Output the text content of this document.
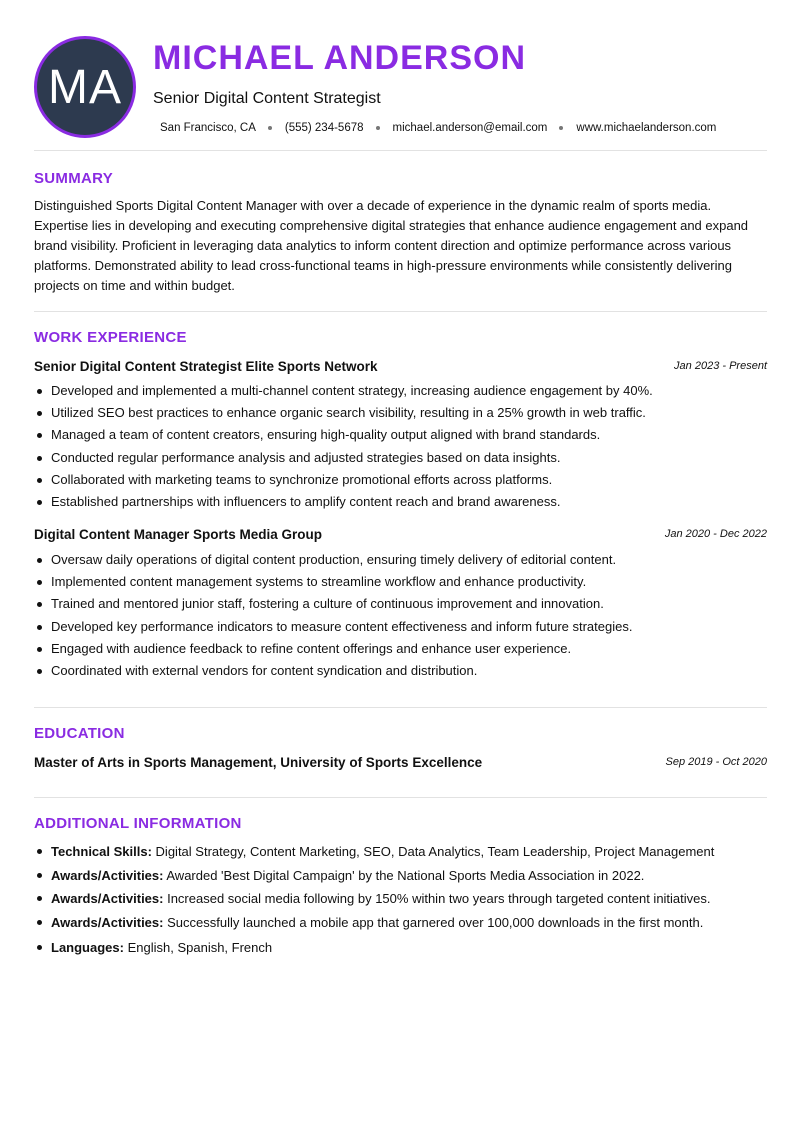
MA
MICHAEL ANDERSON
Senior Digital Content Strategist
San Francisco, CA	(555) 234-5678	michael.anderson@email.com	www.michaelanderson.com
SUMMARY

Distinguished Sports Digital Content Manager with over a decade of experience in the dynamic realm of sports media. Expertise lies in developing and executing comprehensive digital strategies that enhance audience engagement and expand brand visibility. Proficient in leveraging data analytics to inform content direction and optimize performance across various platforms. Demonstrated ability to lead cross-functional teams in high-pressure environments while consistently delivering projects on time and within budget.

WORK EXPERIENCE
Senior Digital Content Strategist Elite Sports Network	Jan 2023 - Present
Developed and implemented a multi-channel content strategy, increasing audience engagement by 40%.
Utilized SEO best practices to enhance organic search visibility, resulting in a 25% growth in web traffic.
Managed a team of content creators, ensuring high-quality output aligned with brand standards.
Conducted regular performance analysis and adjusted strategies based on data insights.
Collaborated with marketing teams to synchronize promotional efforts across platforms.
Established partnerships with influencers to amplify content reach and brand awareness.
Digital Content Manager Sports Media Group	Jan 2020 - Dec 2022
Oversaw daily operations of digital content production, ensuring timely delivery of editorial content.
Implemented content management systems to streamline workflow and enhance productivity.
Trained and mentored junior staff, fostering a culture of continuous improvement and innovation.
Developed key performance indicators to measure content effectiveness and inform future strategies.
Engaged with audience feedback to refine content offerings and enhance user experience.
Coordinated with external vendors for content syndication and distribution.
EDUCATION
Master of Arts in Sports Management, University of Sports Excellence	Sep 2019 - Oct 2020
ADDITIONAL INFORMATION
Technical Skills: Digital Strategy, Content Marketing, SEO, Data Analytics, Team Leadership, Project Management
Awards/Activities: Awarded 'Best Digital Campaign' by the National Sports Media Association in 2022.
Awards/Activities: Increased social media following by 150% within two years through targeted content initiatives.
Awards/Activities: Successfully launched a mobile app that garnered over 100,000 downloads in the first month.
Languages: English, Spanish, French
